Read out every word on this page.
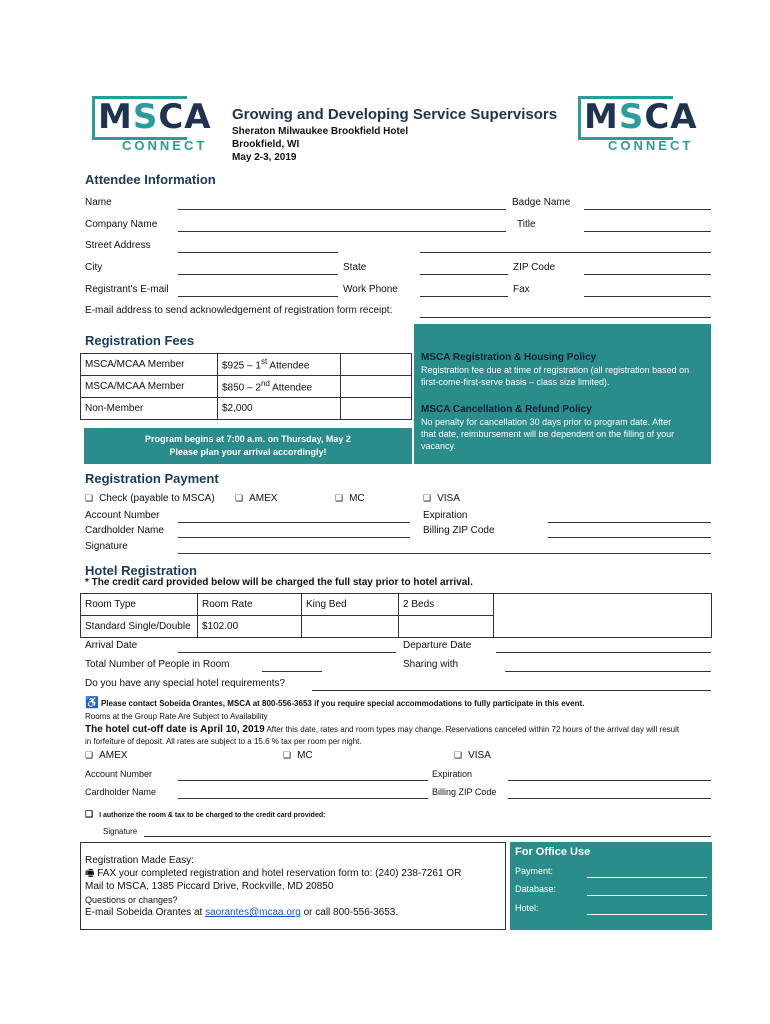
MSCA
CONNECT
MSCA
CONNECT
Growing and Developing Service Supervisors
Sheraton Milwaukee Brookfield Hotel
Brookfield, WI
May 2-3, 2019
Attendee Information
Name	Badge Name
Company Name	Title
Street Address
City	State	ZIP Code
Registrant's E-mail	Work Phone	Fax
E-mail address to send acknowledgement of registration form receipt:
Registration Fees
MSCA/MCAA Member	$925 – 1st Attendee	
MSCA/MCAA Member	$850 – 2nd Attendee	
Non-Member	$2,000	
Program begins at 7:00 a.m. on Thursday, May 2
Please plan your arrival accordingly!
MSCA Registration & Housing Policy
Registration fee due at time of registration (all registration based on
first-come-first-serve basis – class size limited).
MSCA Cancellation & Refund Policy
No penalty for cancellation 30 days prior to program date. After
that date, reimbursement will be dependent on the filling of your
vacancy.
Registration Payment
❏ Check (payable to MSCA) ❏ AMEX	❏ MC	❏ VISA
Account Number	Expiration
Cardholder Name	Billing ZIP Code
Signature
Hotel Registration
* The credit card provided below will be charged the full stay prior to hotel arrival.
Room Type	Room Rate	King Bed	2 Beds	
Standard Single/Double	$102.00			
Arrival Date	Departure Date
Total Number of People in Room	Sharing with
Do you have any special hotel requirements?
♿ Please contact Sobeida Orantes, MSCA at 800-556-3653 if you require special accommodations to fully participate in this event.
Rooms at the Group Rate Are Subject to Availability
The hotel cut-off date is April 10, 2019 After this date, rates and room types may change. Reservations canceled within 72 hours of the arrival day will result
in forfeiture of deposit. All rates are subject to a 15.6 % tax per room per night.
❏ AMEX	❏ MC	❏ VISA
Account Number	Expiration
Cardholder Name	Billing ZIP Code
❏ I authorize the room & tax to be charged to the credit card provided:
Signature
Registration Made Easy:
🖷 FAX your completed registration and hotel reservation form to: (240) 238-7261 OR
Mail to MSCA, 1385 Piccard Drive, Rockville, MD 20850
Questions or changes?
E-mail Sobeida Orantes at saorantes@mcaa.org or call 800-556-3653.
For Office Use
Payment:
Database:
Hotel:
